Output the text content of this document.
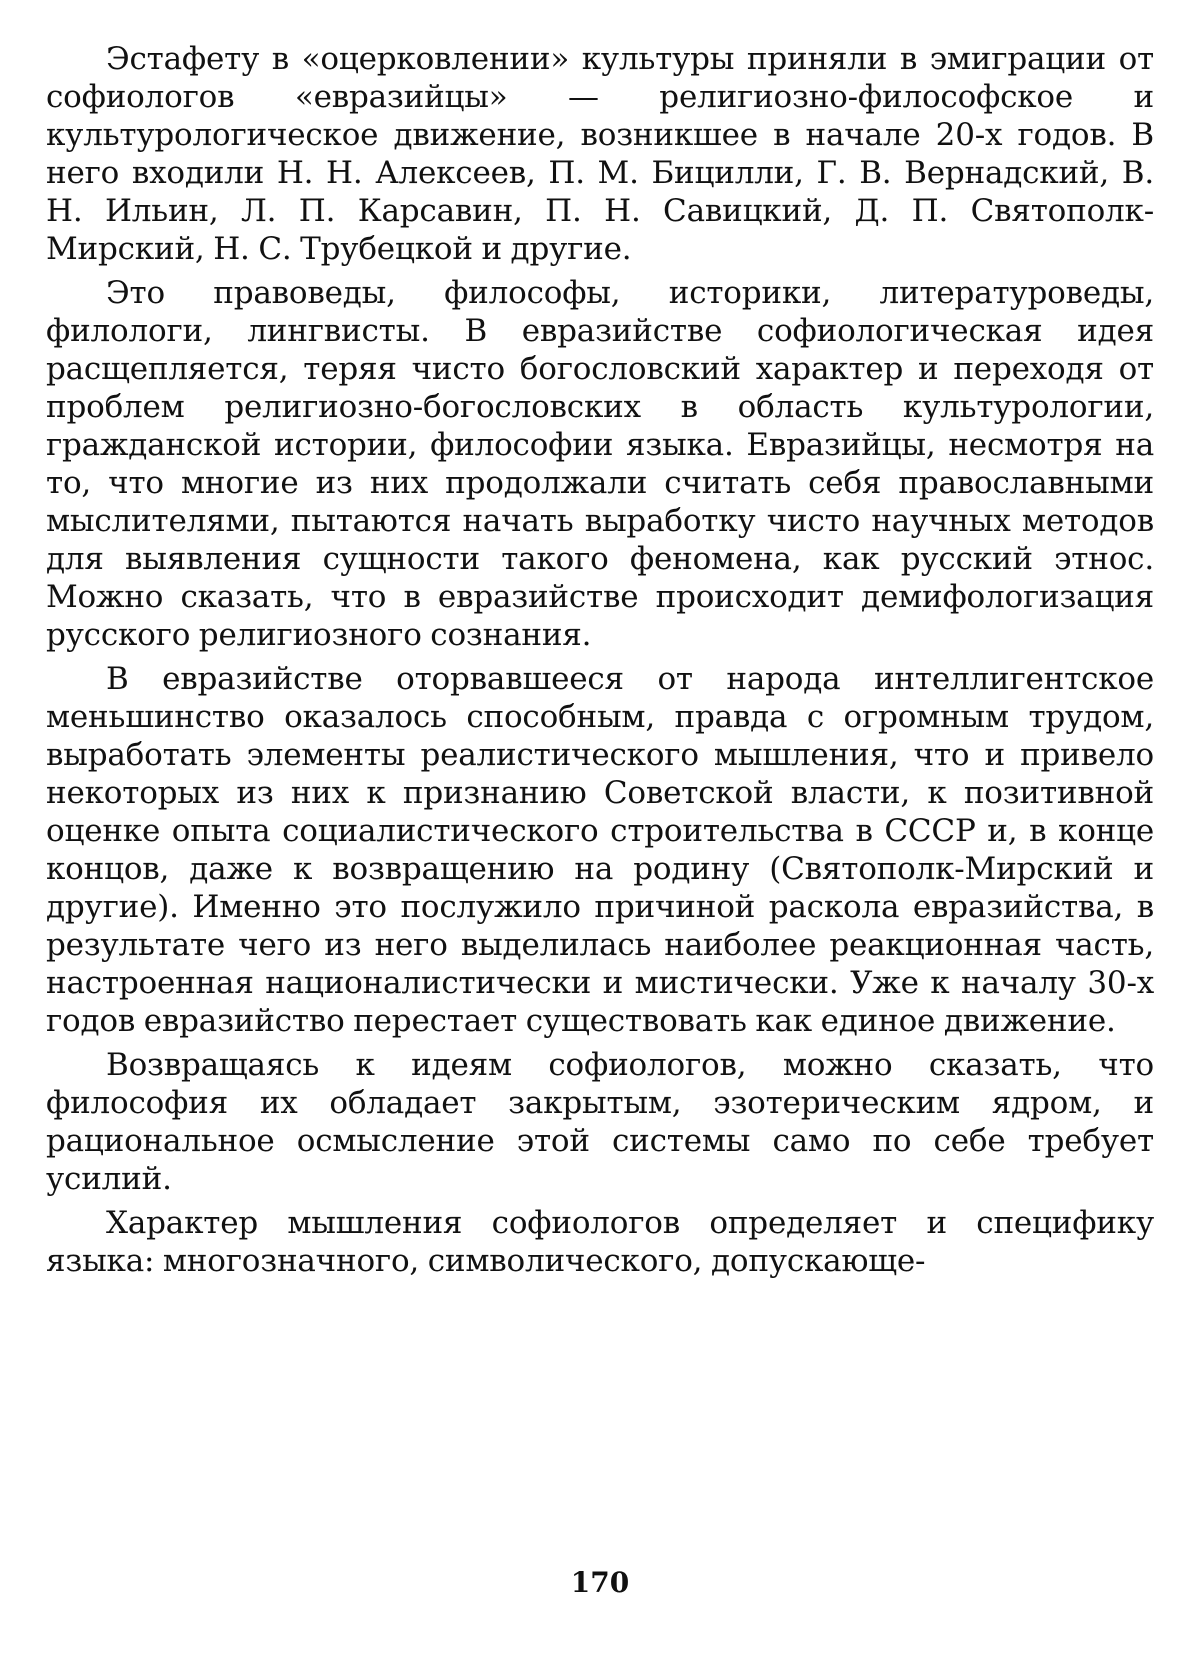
Эстафету в «оцерковлении» культуры приняли в эмиграции от софиологов «евразийцы» — религиозно-философское и культурологическое движение, возникшее в начале 20-х годов. В него входили Н. Н. Алексеев, П. М. Бицилли, Г. В. Вернадский, В. Н. Ильин, Л. П. Карсавин, П. Н. Савицкий, Д. П. Святополк-Мирский, Н. С. Трубецкой и другие.

Это правоведы, философы, историки, литературоведы, филологи, лингвисты. В евразийстве софиологическая идея расщепляется, теряя чисто богословский характер и переходя от проблем религиозно-богословских в область культурологии, гражданской истории, философии языка. Евразийцы, несмотря на то, что многие из них продолжали считать себя православными мыслителями, пытаются начать выработку чисто научных методов для выявления сущности такого феномена, как русский этнос. Можно сказать, что в евразийстве происходит демифологизация русского религиозного сознания.

В евразийстве оторвавшееся от народа интеллигентское меньшинство оказалось способным, правда с огромным трудом, выработать элементы реалистического мышления, что и привело некоторых из них к признанию Советской власти, к позитивной оценке опыта социалистического строительства в СССР и, в конце концов, даже к возвращению на родину (Святополк-Мирский и другие). Именно это послужило причиной раскола евразийства, в результате чего из него выделилась наиболее реакционная часть, настроенная националистически и мистически. Уже к началу 30-х годов евразийство перестает существовать как единое движение.

Возвращаясь к идеям софиологов, можно сказать, что философия их обладает закрытым, эзотерическим ядром, и рациональное осмысление этой системы само по себе требует усилий.

Характер мышления софиологов определяет и специфику языка: многозначного, символического, допускающе-

170
